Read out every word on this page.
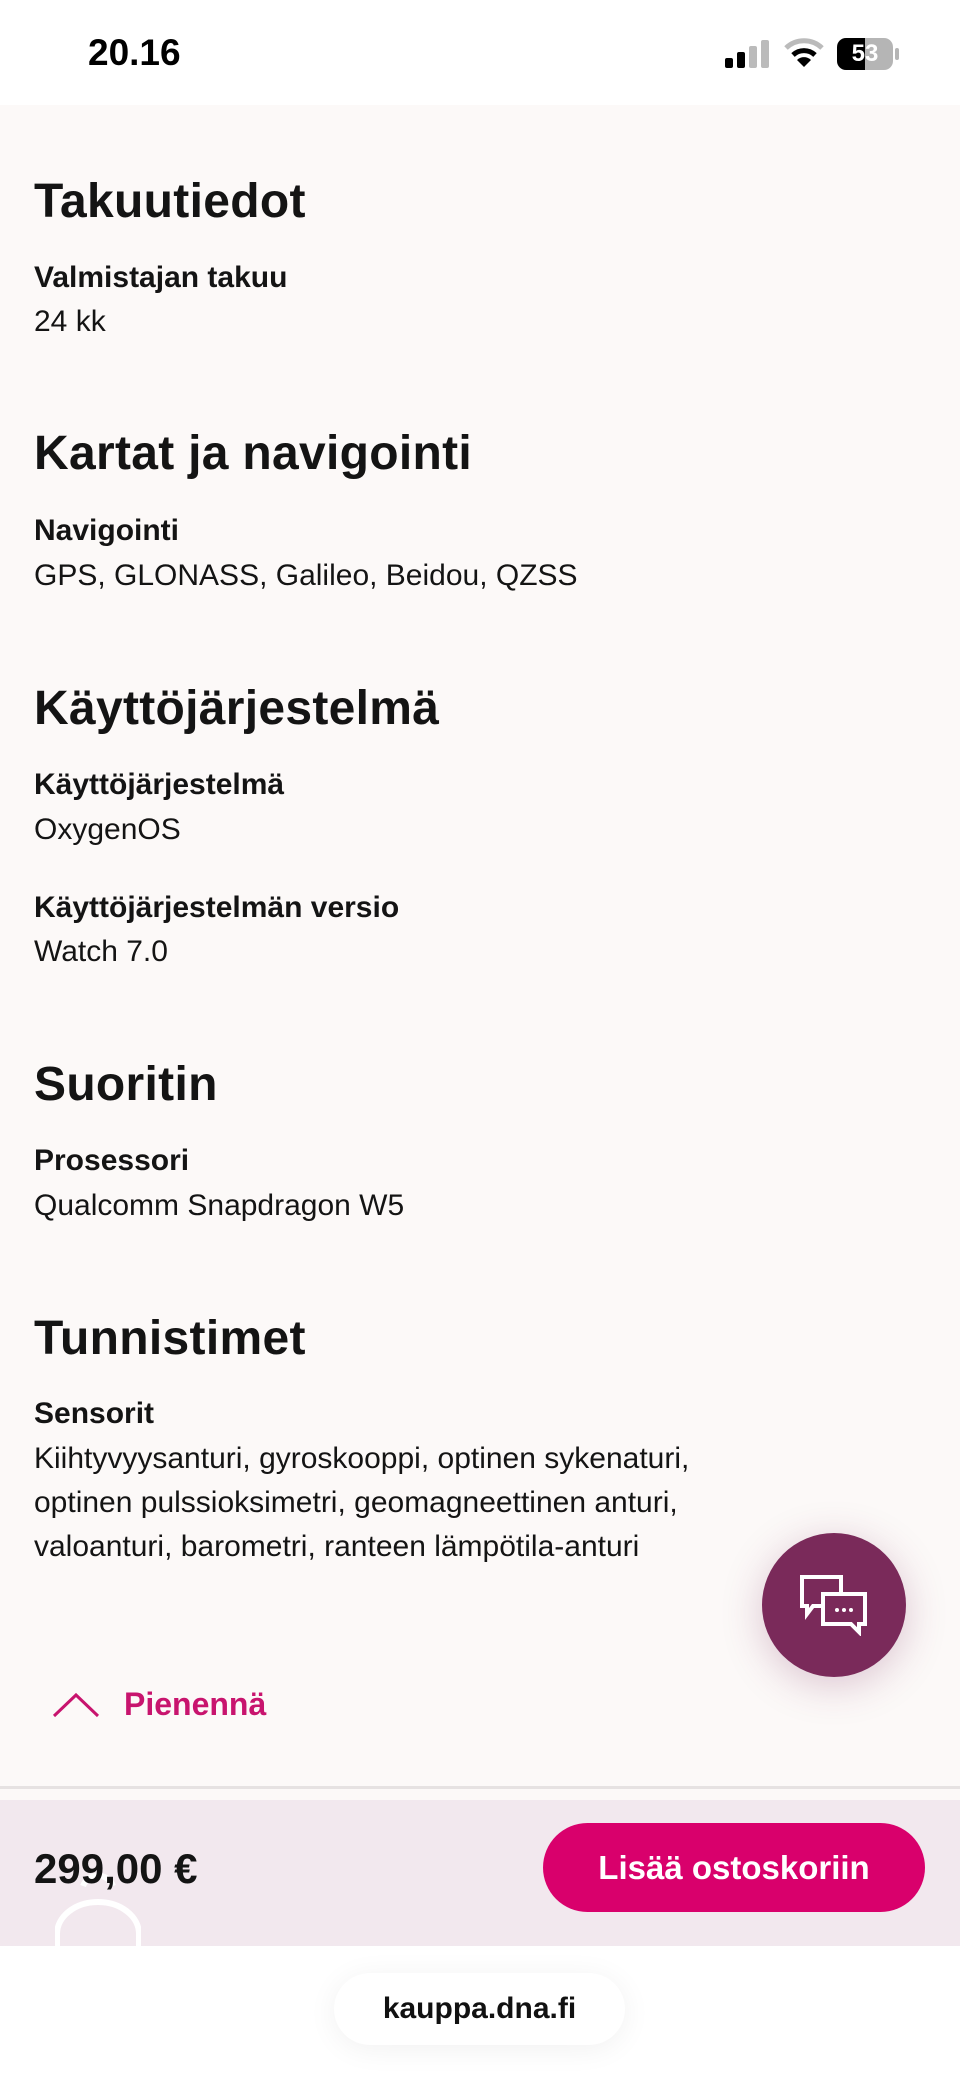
20.16	53
Takuutiedot
Valmistajan takuu
24 kk
Kartat ja navigointi
Navigointi
GPS, GLONASS, Galileo, Beidou, QZSS
Käyttöjärjestelmä
Käyttöjärjestelmä
OxygenOS
Käyttöjärjestelmän versio
Watch 7.0
Suoritin
Prosessori
Qualcomm Snapdragon W5
Tunnistimet
Sensorit
Kiihtyvyysanturi, gyroskooppi, optinen sykenaturi,
optinen pulssioksimetri, geomagneettinen anturi,
valoanturi, barometri, ranteen lämpötila-anturi
Pienennä
299,00 €	Lisää ostoskoriin
kauppa.dna.fi
